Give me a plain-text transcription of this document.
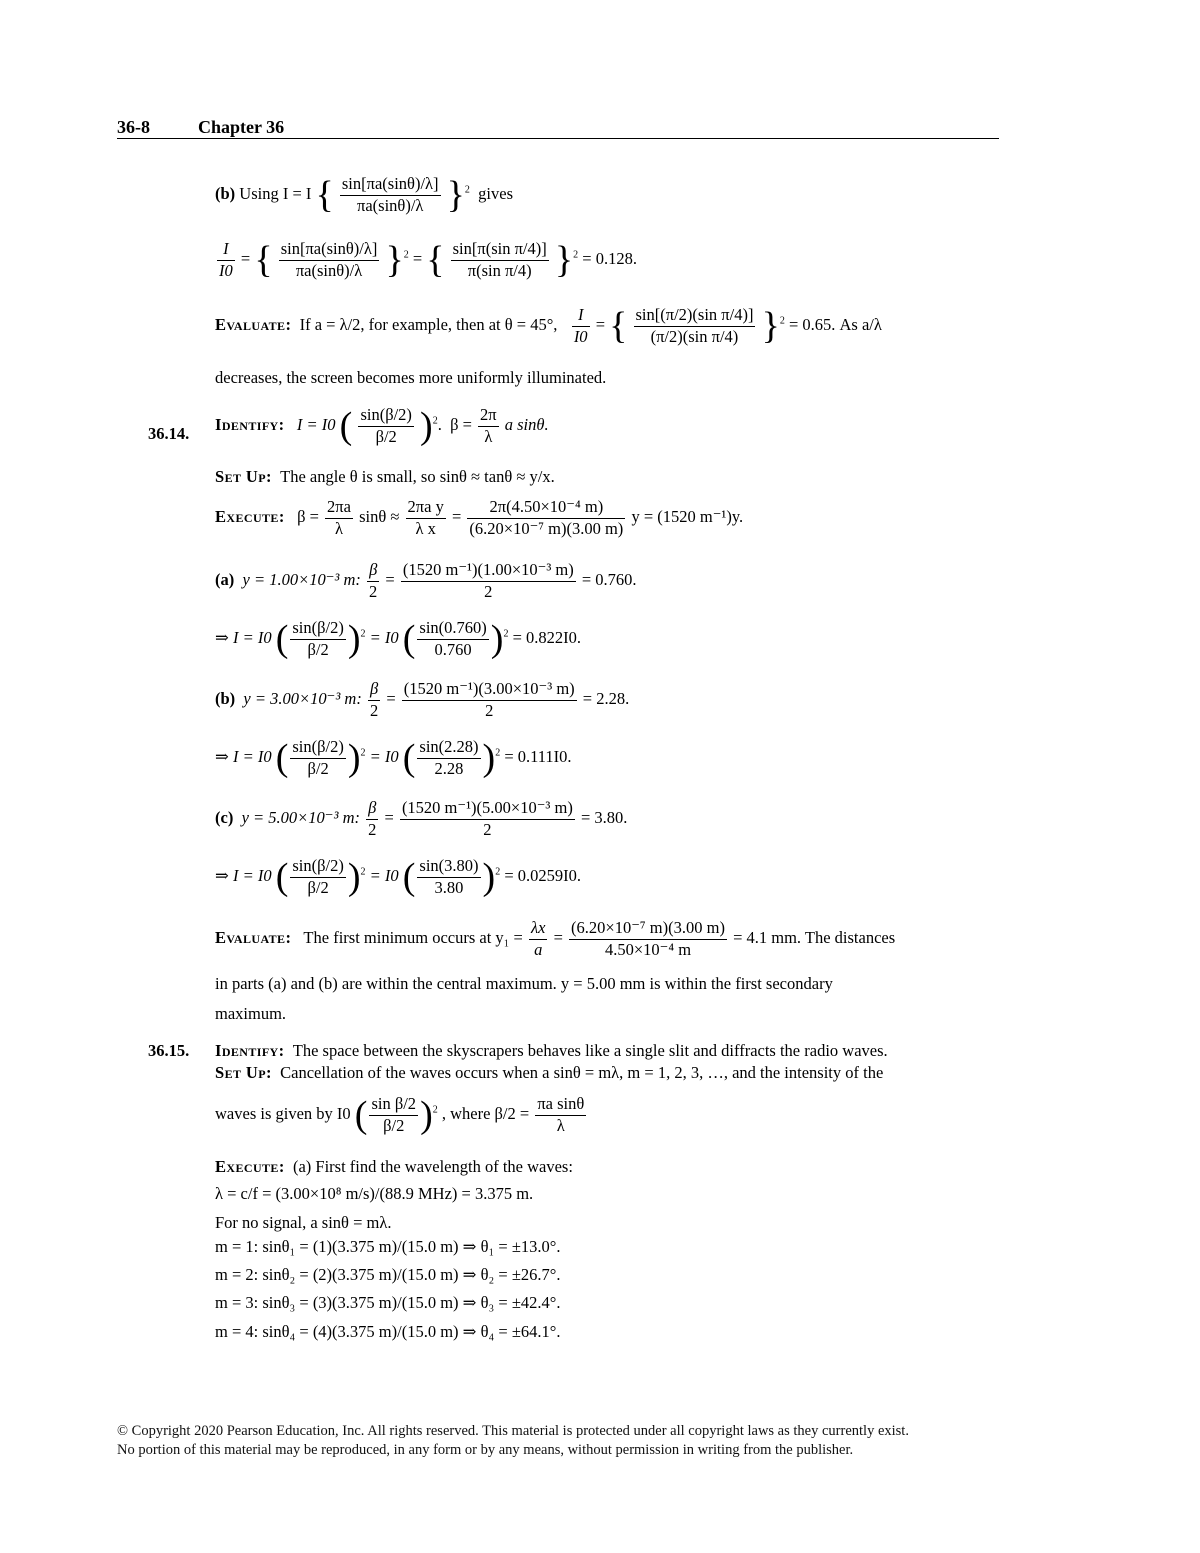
36-8	Chapter 36
(b) Using I = I { $\frac{\sin[\pi a(\sin\theta)/\lambda]}{\pi a(\sin\theta)/\lambda} \}^2$ gives
$\frac{I}{I0}$ = { $\frac{\sin[\pi a(\sin\theta)/\lambda]}{\pi a(\sin\theta)/\lambda} \}^2$ = { $\frac{\text{sin[π(sin π/4)]}}{\text{π(sin π/4)}} \}^2 = 0.128$.
Evaluate: If a = λ/2, for example, then at θ = 45°, $\frac{I}{I0}$ = { $\frac{\text{sin[(π/2)(sin π/4)]}}{\text{(π/2)(sin π/4)}} \}^2 = 0.65$. As a/λ
decreases, the screen becomes more uniformly illuminated.
36.14. Identify: I = I0 ( $\frac{\sin(\beta/2)}{\beta/2} )^2$.  $\beta = \frac{2\pi}{\lambda}$ a sinθ.
Set Up: The angle θ is small, so sinθ ≈ tanθ ≈ y/x.
Execute: $\beta = \frac{2\pi a}{\lambda}$ $\sin\theta \approx \frac{\text{2πa y}}{\text{λ x}} = \frac{\text{2π(4.50×10⁻⁴ m)}}{\text{(6.20×10⁻⁷ m)(3.00 m)}}$ y = (1520 m⁻¹)y.
(a) y = 1.00×10⁻³ m: $\frac{\beta}{2} = \frac{\text{(1520 m⁻¹)(1.00×10⁻³ m)}}{2} = 0.760$.
⇒ I = I0 ( $\frac{\sin(\beta/2)}{\beta/2} )^2 = I0$ ( $\frac{\sin(0.760)}{0.760} )^2 = 0.822I0$.
(b) y = 3.00×10⁻³ m: $\frac{\beta}{2} = \frac{\text{(1520 m⁻¹)(3.00×10⁻³ m)}}{2} = 2.28$.
⇒ I = I0 ( $\frac{\sin(\beta/2)}{\beta/2} )^2 = I0$ ( $\frac{\sin(2.28)}{2.28} )^2 = 0.111I0$.
(c) y = 5.00×10⁻³ m: $\frac{\beta}{2} = \frac{\text{(1520 m⁻¹)(5.00×10⁻³ m)}}{2} = 3.80$.
⇒ I = I0 ( $\frac{\sin(\beta/2)}{\beta/2} )^2 = I0$ ( $\frac{\sin(3.80)}{3.80} )^2 = 0.0259I0$.
Evaluate: The first minimum occurs at $y_1 = \frac{\lambda x}{a} = \frac{\text{(6.20×10⁻⁷ m)(3.00 m)}}{\text{4.50×10⁻⁴ m}} = 4.1$ mm. The distances
in parts (a) and (b) are within the central maximum. y = 5.00 mm is within the first secondary
maximum.
36.15. Identify: The space between the skyscrapers behaves like a single slit and diffracts the radio waves.
Set Up: Cancellation of the waves occurs when a sinθ = mλ, m = 1, 2, 3, …, and the intensity of the
waves is given by I0 ( $\frac{\text{sin β/2}}{\beta/2} )^2$ , where $\beta/2 = \frac{\text{πa sinθ}}{\lambda}$
Execute: (a) First find the wavelength of the waves:
λ = c/f = (3.00×10⁸ m/s)/(88.9 MHz) = 3.375 m.
For no signal, a sinθ = mλ.
m = 1: sinθ₁ = (1)(3.375 m)/(15.0 m) ⇒ θ₁ = ±13.0°.
m = 2: sinθ₂ = (2)(3.375 m)/(15.0 m) ⇒ θ₂ = ±26.7°.
m = 3: sinθ₃ = (3)(3.375 m)/(15.0 m) ⇒ θ₃ = ±42.4°.
m = 4: sinθ₄ = (4)(3.375 m)/(15.0 m) ⇒ θ₄ = ±64.1°.
© Copyright 2020 Pearson Education, Inc. All rights reserved. This material is protected under all copyright laws as they currently exist.
No portion of this material may be reproduced, in any form or by any means, without permission in writing from the publisher.
